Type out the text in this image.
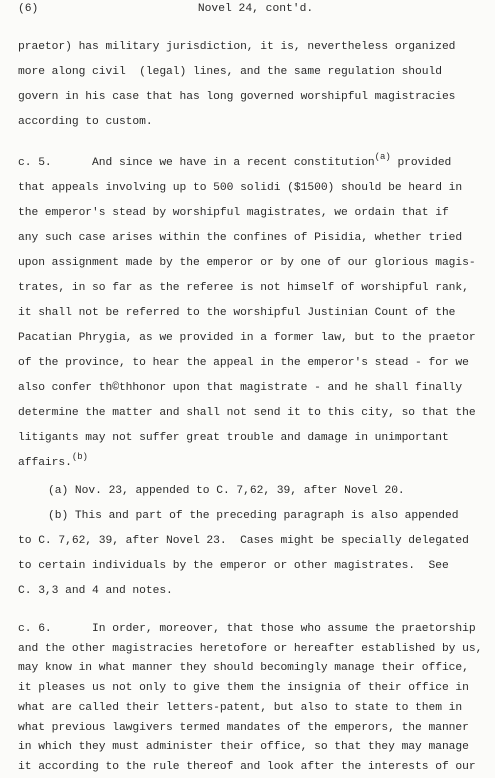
(6)	Novel 24, cont'd.
praetor) has military jurisdiction, it is, nevertheless organized
more along civil  (legal) lines, and the same regulation should
govern in his case that has long governed worshipful magistracies
according to custom.
c. 5.      And since we have in a recent constitution$^{(a)}$ provided
that appeals involving up to 500 solidi ($1500) should be heard in
the emperor's stead by worshipful magistrates, we ordain that if
any such case arises within the confines of Pisidia, whether tried
upon assignment made by the emperor or by one of our glorious magis-
trates, in so far as the referee is not himself of worshipful rank,
it shall not be referred to the worshipful Justinian Count of the
Pacatian Phrygia, as we provided in a former law, but to the praetor
of the province, to hear the appeal in the emperor's stead - for we
also confer th©thhonor upon that magistrate - and he shall finally
determine the matter and shall not send it to this city, so that the
litigants may not suffer great trouble and damage in unimportant
affairs.$^{(b)}$
(a) Nov. 23, appended to C. 7,62, 39, after Novel 20.
(b) This and part of the preceding paragraph is also appended
to C. 7,62, 39, after Novel 23.  Cases might be specially delegated
to certain individuals by the emperor or other magistrates.  See
C. 3,3 and 4 and notes.
c. 6.      In order, moreover, that those who assume the praetorship
and the other magistracies heretofore or hereafter established by us,
may know in what manner they should becomingly manage their office,
it pleases us not only to give them the insignia of their office in
what are called their letters-patent, but also to state to them in
what previous lawgivers termed mandates of the emperors, the manner
in which they must administer their office, so that they may manage
it according to the rule thereof and look after the interests of our
